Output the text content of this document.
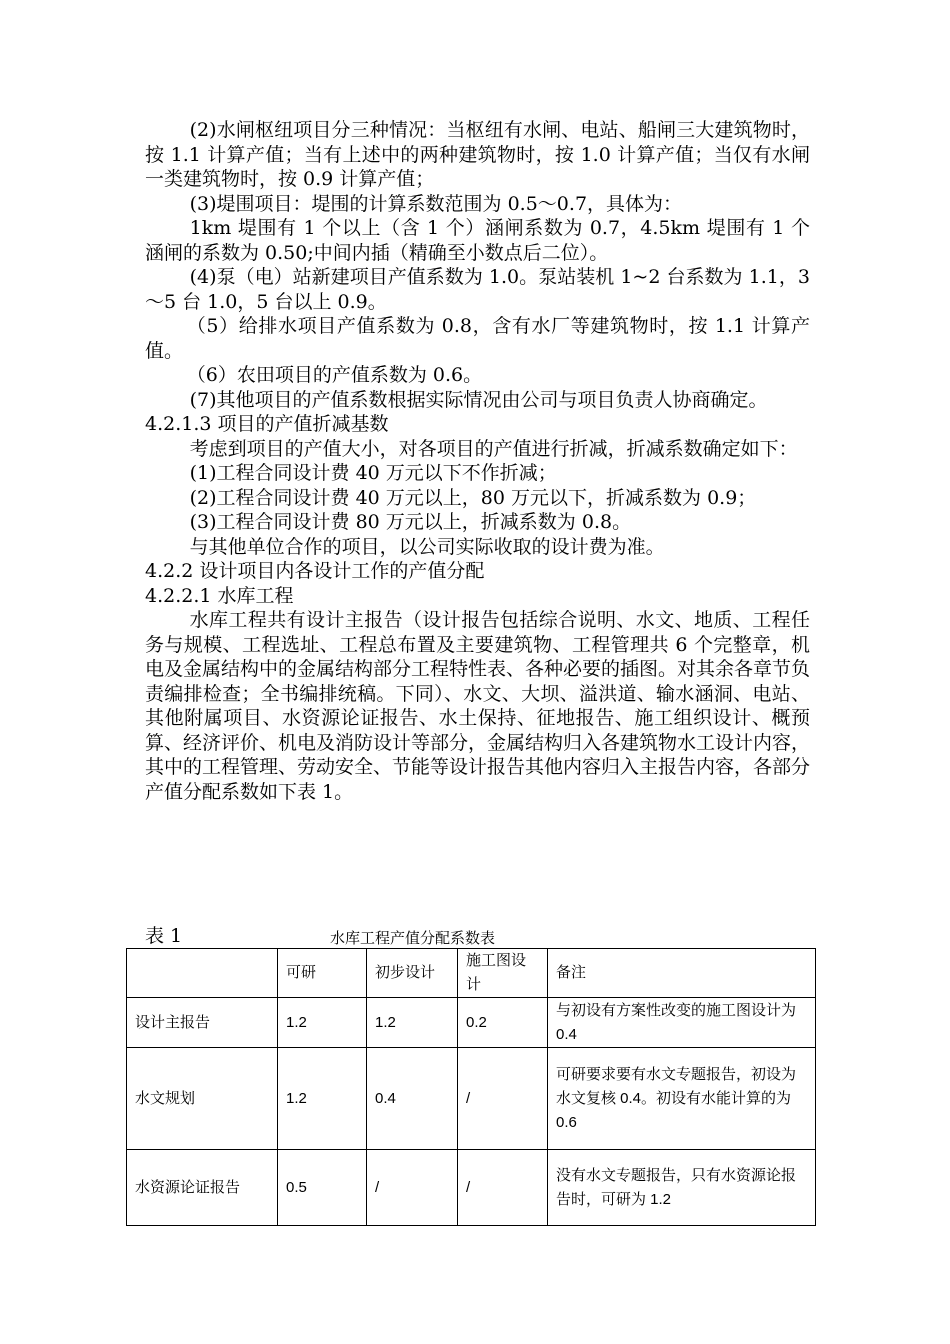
(2)水闸枢纽项目分三种情况：当枢纽有水闸、电站、船闸三大建筑物时，按 1.1 计算产值；当有上述中的两种建筑物时，按 1.0 计算产值；当仅有水闸一类建筑物时，按 0.9 计算产值；

(3)堤围项目：堤围的计算系数范围为 0.5～0.7，具体为：

1km 堤围有 1 个以上（含 1 个）涵闸系数为 0.7，4.5km 堤围有 1 个涵闸的系数为 0.50;中间内插（精确至小数点后二位）。

(4)泵（电）站新建项目产值系数为 1.0。泵站装机 1~2 台系数为 1.1，3～5 台 1.0，5 台以上 0.9。

（5）给排水项目产值系数为 0.8，含有水厂等建筑物时，按 1.1 计算产值。

（6）农田项目的产值系数为 0.6。

(7)其他项目的产值系数根据实际情况由公司与项目负责人协商确定。

4.2.1.3 项目的产值折减基数

考虑到项目的产值大小，对各项目的产值进行折减，折减系数确定如下：

(1)工程合同设计费 40 万元以下不作折减；

(2)工程合同设计费 40 万元以上，80 万元以下，折减系数为 0.9；

(3)工程合同设计费 80 万元以上，折减系数为 0.8。

与其他单位合作的项目，以公司实际收取的设计费为准。

4.2.2 设计项目内各设计工作的产值分配

4.2.2.1 水库工程

水库工程共有设计主报告（设计报告包括综合说明、水文、地质、工程任务与规模、工程选址、工程总布置及主要建筑物、工程管理共 6 个完整章，机电及金属结构中的金属结构部分工程特性表、各种必要的插图。对其余各章节负责编排检查；全书编排统稿。下同）、水文、大坝、溢洪道、输水涵洞、电站、其他附属项目、水资源论证报告、水土保持、征地报告、施工组织设计、概预算、经济评价、机电及消防设计等部分，金属结构归入各建筑物水工设计内容，其中的工程管理、劳动安全、节能等设计报告其他内容归入主报告内容，各部分产值分配系数如下表 1。

表 1	水库工程产值分配系数表
	可研	初步设计	施工图设计	备注
设计主报告	1.2	1.2	0.2	与初设有方案性改变的施工图设计为 0.4
水文规划	1.2	0.4	/	可研要求要有水文专题报告，初设为水文复核 0.4。初设有水能计算的为 0.6
水资源论证报告	0.5	/	/	没有水文专题报告，只有水资源论报告时，可研为 1.2
